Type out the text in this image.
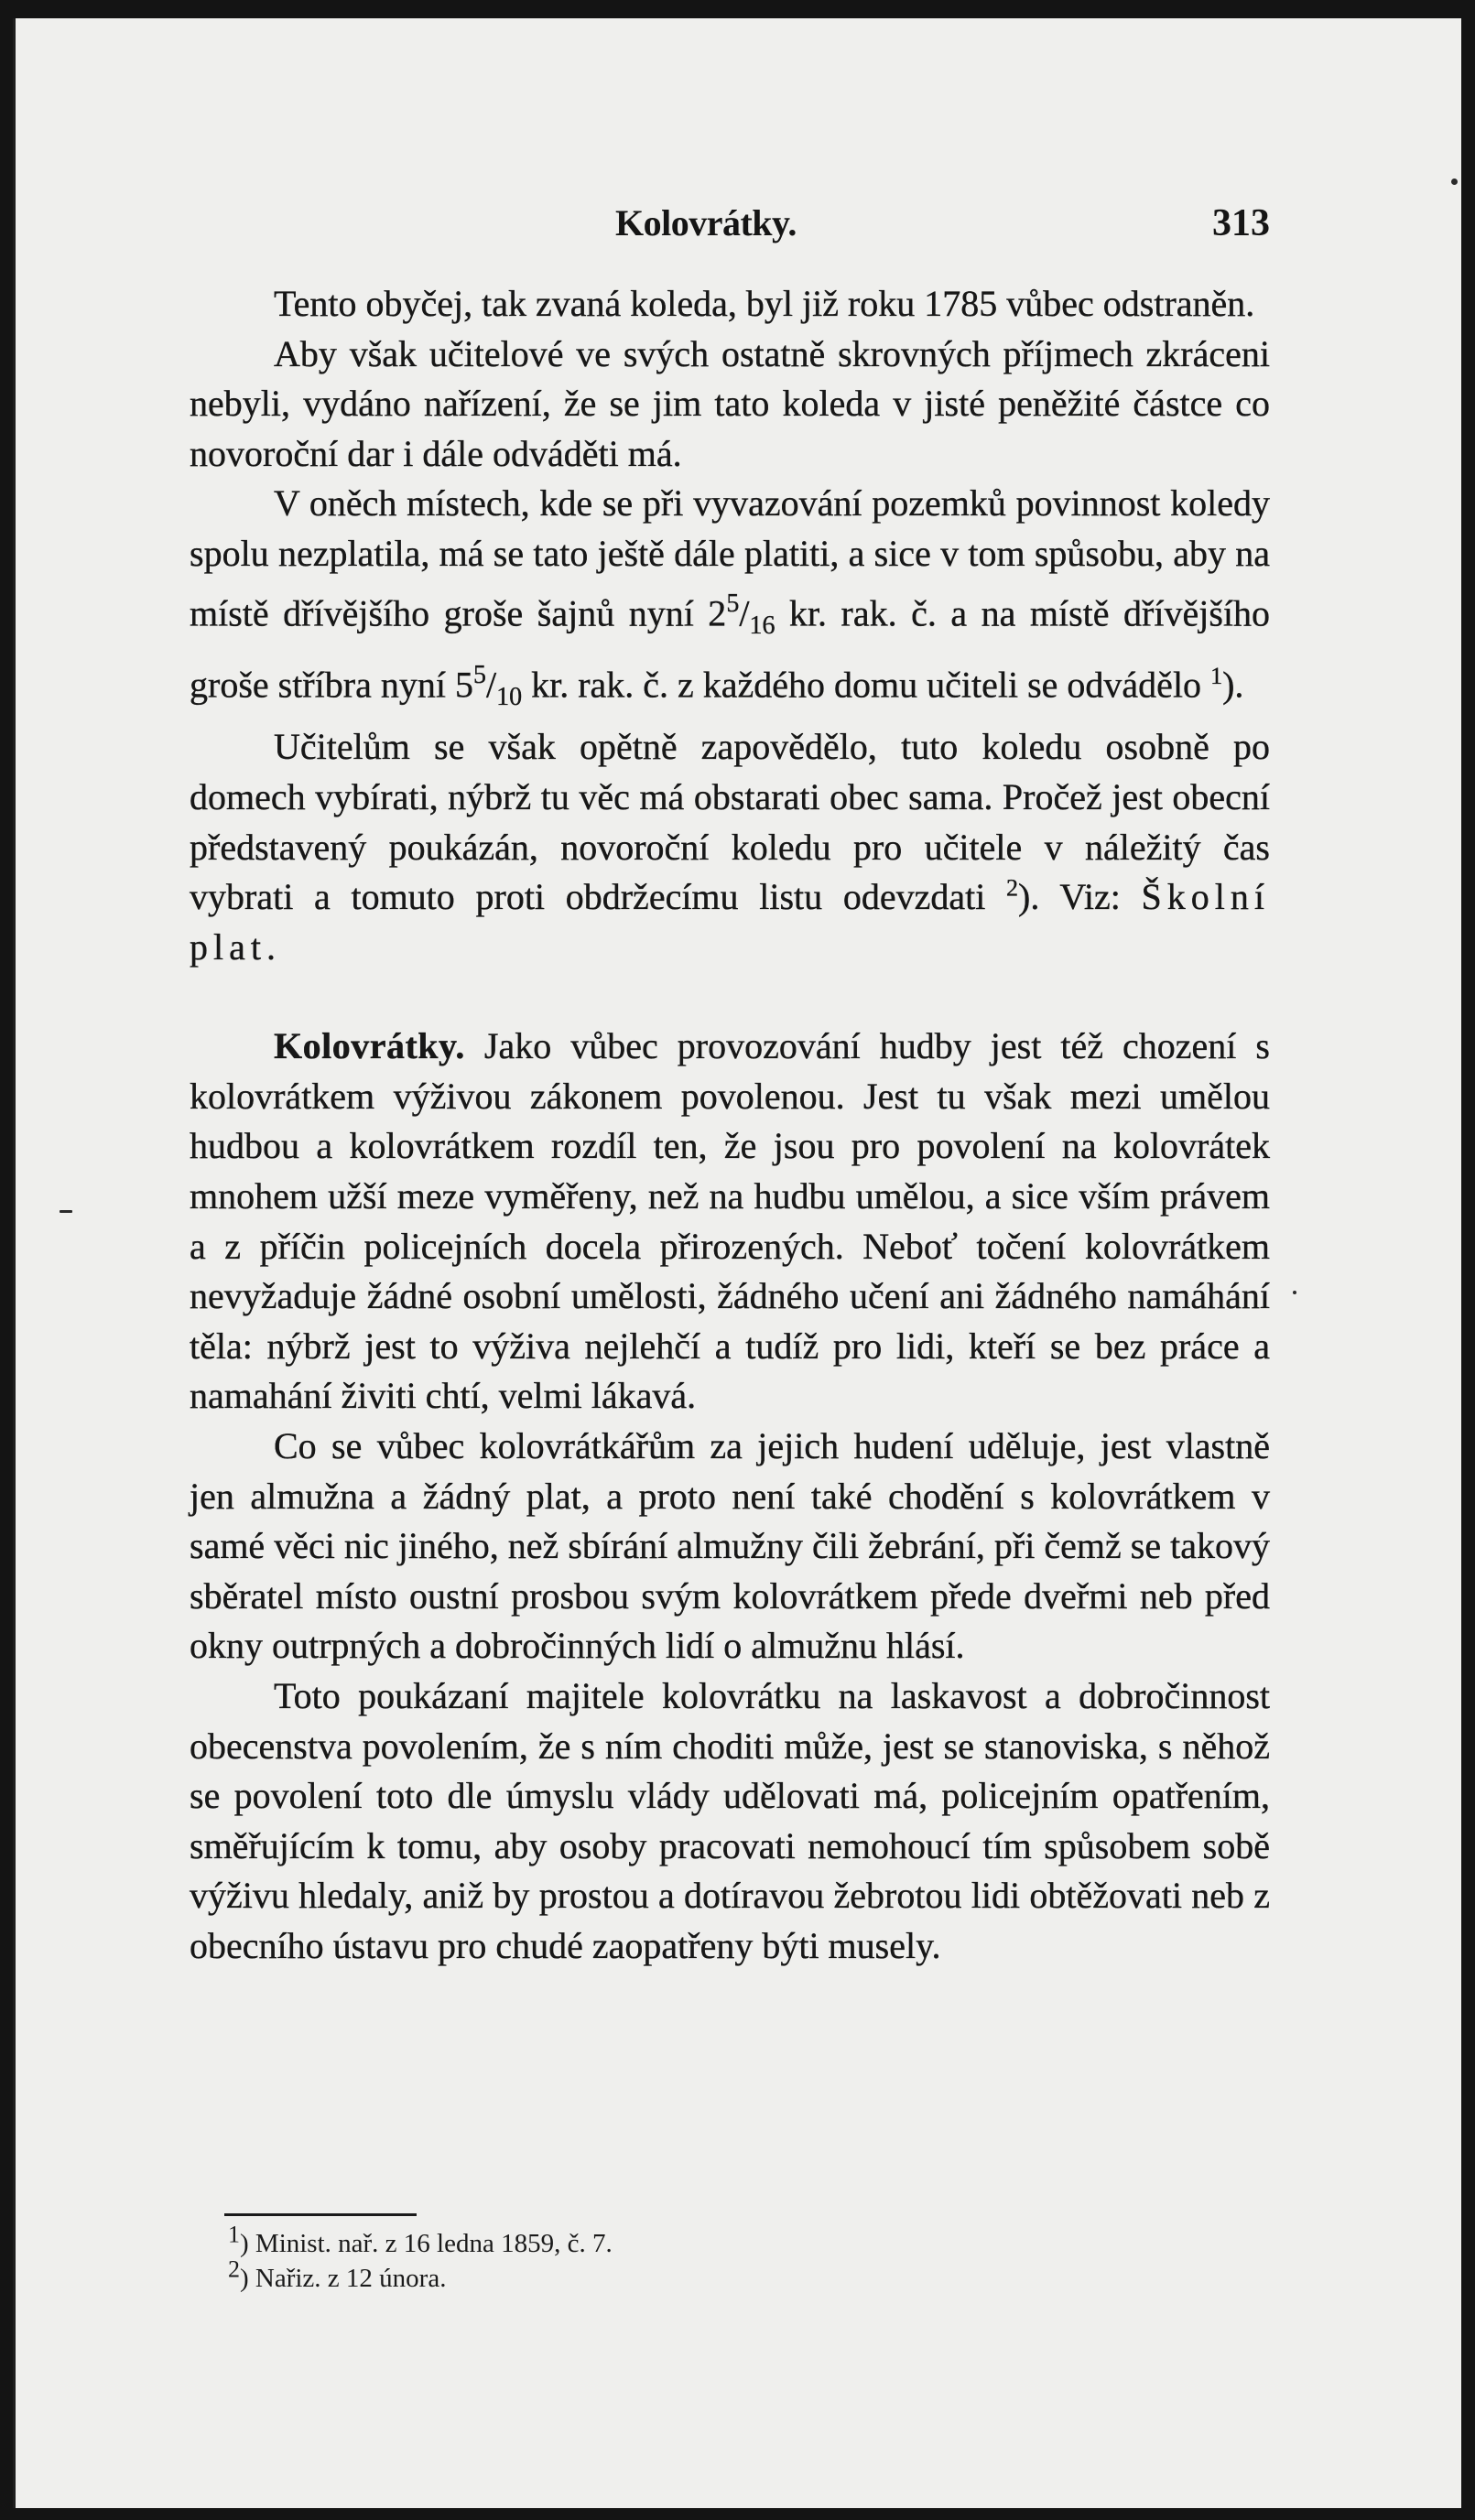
Kolovrátky.	313

Tento obyčej, tak zvaná koleda, byl již roku 1785 vůbec odstraněn.

Aby však učitelové ve svých ostatně skrovných příjmech zkráceni nebyli, vydáno nařízení, že se jim tato koleda v jisté peněžité částce co novoroční dar i dále odváděti má.

V oněch místech, kde se při vyvazování pozemků povinnost koledy spolu nezplatila, má se tato ještě dále platiti, a sice v tom spůsobu, aby na místě dřívějšího groše šajnů nyní $2^5/_{16}$ kr. rak. č. a na místě dřívějšího groše stříbra nyní $5^5/_{10}$ kr. rak. č. z každého domu učiteli se odvádělo $^1$).

Učitelům se však opětně zapovědělo, tuto koledu osobně po domech vybírati, nýbrž tu věc má obstarati obec sama. Pročež jest obecní představený poukázán, novoroční koledu pro učitele v náležitý čas vybrati a tomuto proti obdržecímu listu odevzdati $^2$). Viz: Školní plat.

Kolovrátky. Jako vůbec provozování hudby jest též chození s kolovrátkem výživou zákonem povolenou. Jest tu však mezi umělou hudbou a kolovrátkem rozdíl ten, že jsou pro povolení na kolovrátek mnohem užší meze vyměřeny, než na hudbu umělou, a sice vším právem a z příčin policejních docela přirozených. Neboť točení kolovrátkem nevyžaduje žádné osobní umělosti, žádného učení ani žádného namáhání těla: nýbrž jest to výživa nejlehčí a tudíž pro lidi, kteří se bez práce a namahání živiti chtí, velmi lákavá.

Co se vůbec kolovrátkářům za jejich hudení uděluje, jest vlastně jen almužna a žádný plat, a proto není také chodění s kolovrátkem v samé věci nic jiného, než sbírání almužny čili žebrání, při čemž se takový sběratel místo oustní prosbou svým kolovrátkem přede dveřmi neb před okny outrpných a dobročinných lidí o almužnu hlásí.

Toto poukázaní majitele kolovrátku na laskavost a dobročinnost obecenstva povolením, že s ním choditi může, jest se stanoviska, s něhož se povolení toto dle úmyslu vlády udělovati má, policejním opatřením, směřujícím k tomu, aby osoby pracovati nemohoucí tím spůsobem sobě výživu hledaly, aniž by prostou a dotíravou žebrotou lidi obtěžovati neb z obecního ústavu pro chudé zaopatřeny býti musely.

$^1$) Minist. nař. z 16 ledna 1859, č. 7.
$^2$) Nařiz. z 12 února.
